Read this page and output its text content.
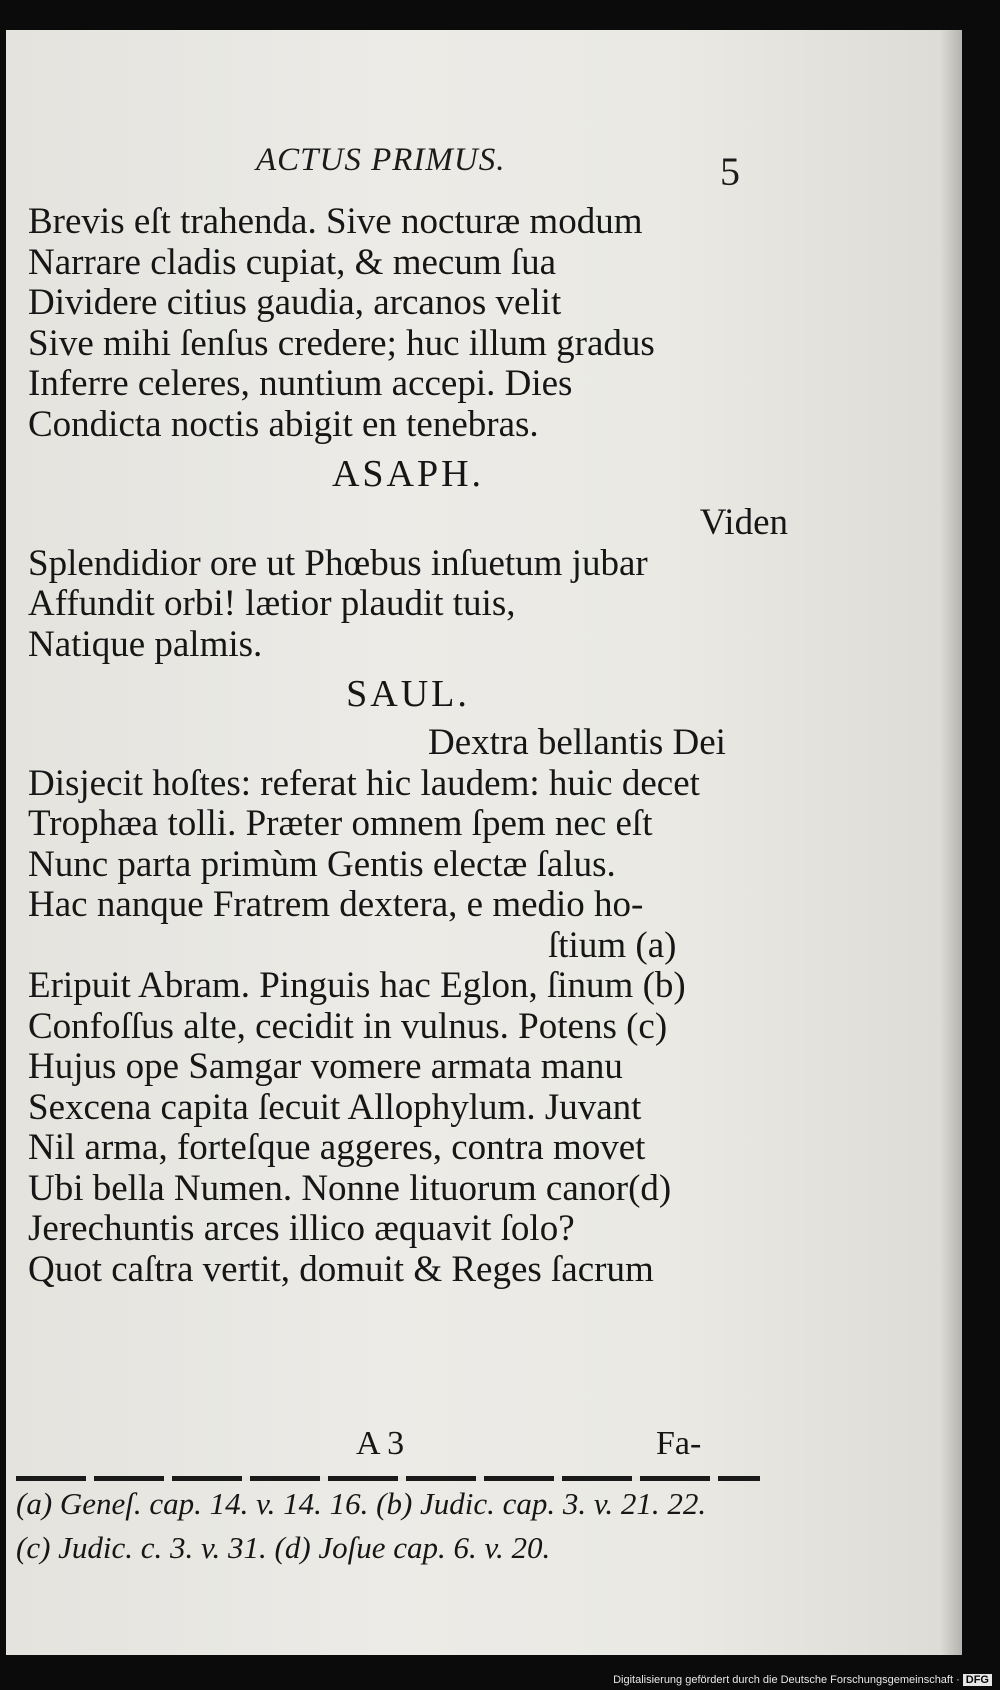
ACTUS PRIMUS.	5
Brevis eſt trahenda. Sive nocturæ modum
Narrare cladis cupiat, & mecum ſua
Dividere citius gaudia, arcanos velit
Sive mihi ſenſus credere; huc illum gradus
Inferre celeres, nuntium accepi. Dies
Condicta noctis abigit en tenebras.
ASAPH.
Viden
Splendidior ore ut Phœbus inſuetum jubar
Affundit orbi! lætior plaudit tuis,
Natique palmis.
SAUL.
Dextra bellantis Dei
Disjecit hoſtes: referat hic laudem: huic decet
Trophæa tolli. Præter omnem ſpem nec eſt
Nunc parta primùm Gentis electæ ſalus.
Hac nanque Fratrem dextera, e medio ho-
ſtium (a)
Eripuit Abram. Pinguis hac Eglon, ſinum (b)
Confoſſus alte, cecidit in vulnus. Potens (c)
Hujus ope Samgar vomere armata manu
Sexcena capita ſecuit Allophylum. Juvant
Nil arma, forteſque aggeres, contra movet
Ubi bella Numen. Nonne lituorum canor(d)
Jerechuntis arces illico æquavit ſolo?
Quot caſtra vertit, domuit & Reges ſacrum
A 3	Fa-
(a) Geneſ. cap. 14. v. 14. 16. (b) Judic. cap. 3. v. 21. 22.
(c) Judic. c. 3. v. 31. (d) Joſue cap. 6. v. 20.
Digitalisierung gefördert durch die Deutsche Forschungsgemeinschaft · DFG
